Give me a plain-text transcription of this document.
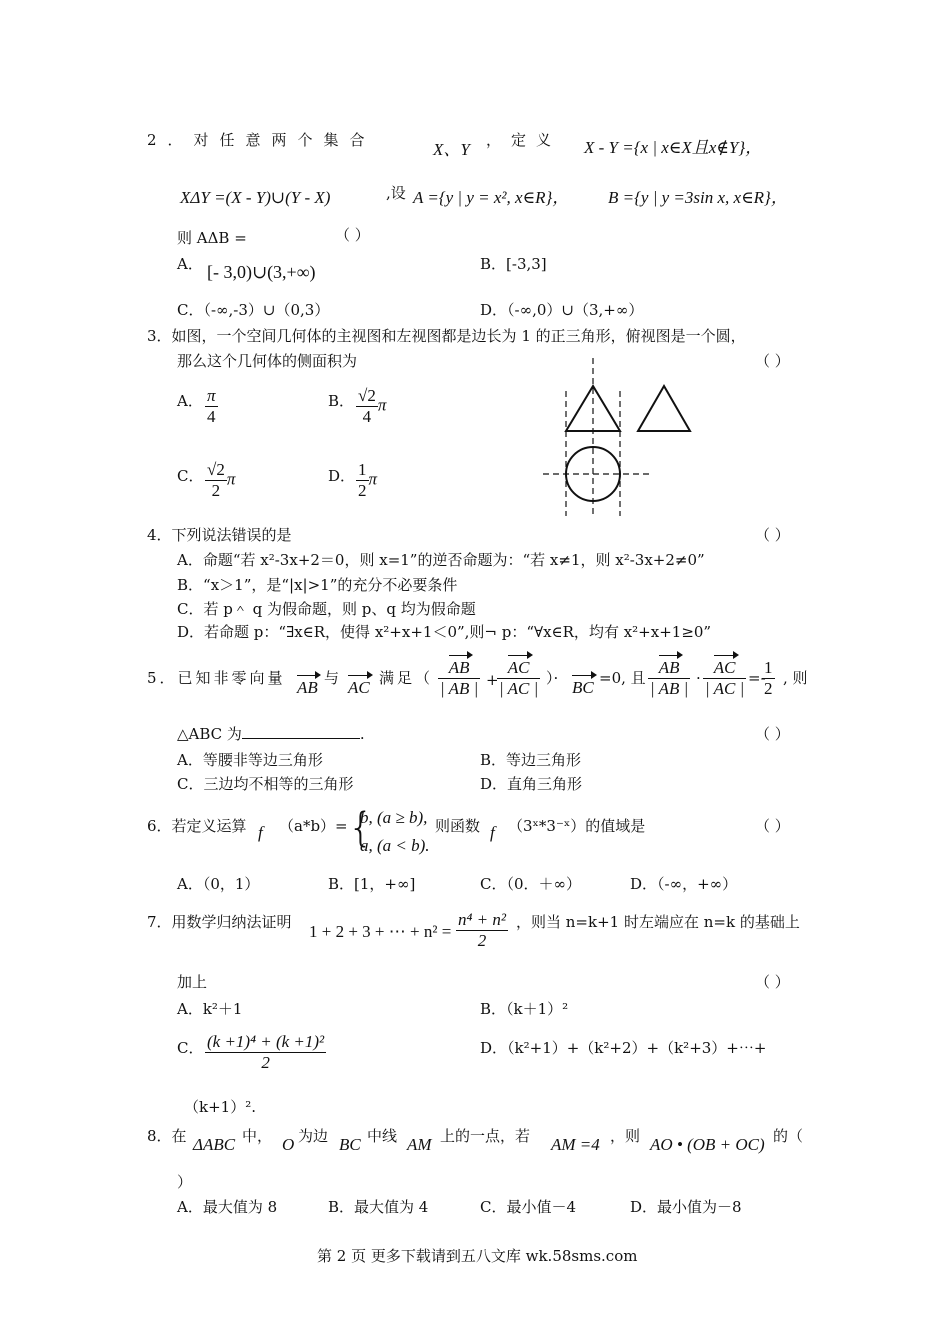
2．对任意两个集合	X、Y ，定义 X - Y ={x | x∈X且x∉Y}，
XΔY =(X - Y)∪(Y - X)	,设 A ={y | y = x², x∈R}， B ={y | y =3sin x, x∈R}，
则 AΔB =	（ ）
A． [- 3,0)∪(3,+∞)	B．[-3,3]
C．（-∞,-3）∪（0,3）	D．（-∞,0）∪（3,+∞）
3．如图，一个空间几何体的主视图和左视图都是边长为 1 的正三角形，俯视图是一个圆，
那么这个几何体的侧面积为	（ ）
A． $\frac{\pi}{4}$	B． $\frac{√2}{4}$ π
C． $\frac{√2}{2}$ π	D． $\frac{1}{2}$ π
4．下列说法错误的是	（ ）
A．命题“若 x²-3x+2＝0，则 x=1”的逆否命题为：“若 x≠1，则 x²-3x+2≠0”
B．“x＞1”，是“|x|>1”的充分不必要条件
C．若 p＾ q 为假命题，则 p、q 均为假命题
D．若命题 p：“∃x∈R，使得 x²+x+1＜0”,则¬ p：“∀x∈R，均有 x²+x+1≥0”
5．已知非零向量 AB 与 AC 满足（ $\frac{AB}{| AB |}$ +
$\frac{AC}{| AC |}$ ）· BC =0, 且 $\frac{AB}{| AB |} \cdot \frac{AC}{| AC |}$ =-
$\frac{1}{2}$ , 则
△ABC 为	.	（ ）
A．等腰非等边三角形	B．等边三角形
C．三边均不相等的三角形	D．直角三角形
6．若定义运算 f （a*b）= {
b, (a ≥ b),
a, (a < b).
则函数 f （3ˣ*3⁻ˣ）的值域是	（ ）
A．（0，1）	B．[1，+∞]	C．（0．＋∞）	D．（-∞，+∞）
7．用数学归纳法证明 1 + 2 + 3 + ⋯ + $n^2 = \frac{\text{n⁴ + n²}}{2}$ ，则当 n=k+1 时左端应在 n=k 的基础上
加上	（ ）
A．k²＋1	B．（k＋1）²
C． $\frac{\text{(k +1)⁴ + (k +1)²}}{2}$	D．（k²+1）+（k²+2）+（k²+3）+⋯+
（k+1）².
8．在 ΔABC 中， O 为边 BC 中线 AM 上的一点，若 AM =4 ，则 AO • (OB + OC) 的（
）
A．最大值为 8	B．最大值为 4	C．最小值－4	D．最小值为－8
第 2 页 更多下载请到五八文库 wk.58sms.com
